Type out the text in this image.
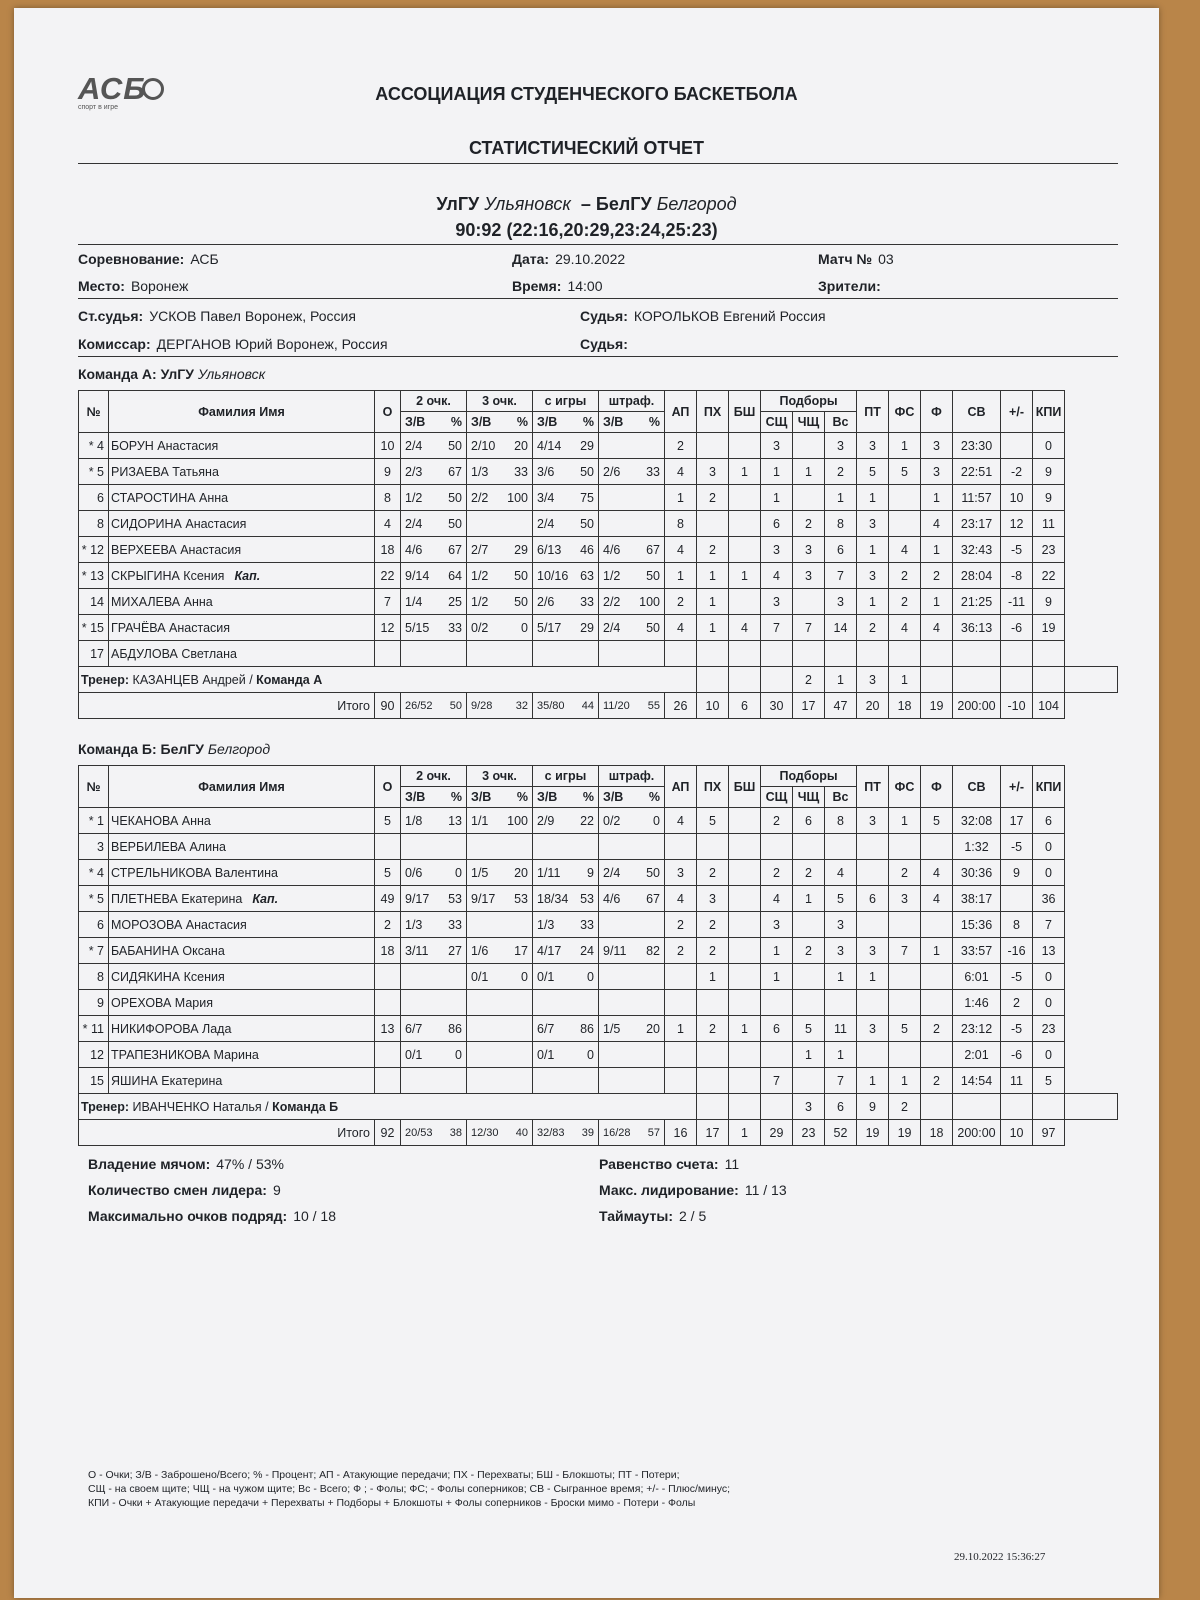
АСБ
спорт в игре
АССОЦИАЦИЯ СТУДЕНЧЕСКОГО БАСКЕТБОЛА
СТАТИСТИЧЕСКИЙ ОТЧЕТ
УлГУ Ульяновск – БелГУ Белгород
90:92 (22:16,20:29,23:24,25:23)
Соревнование: АСБ	Дата: 29.10.2022	Матч № 03
Место: Воронеж	Время: 14:00	Зрители:
Ст.судья: УСКОВ Павел Воронеж, Россия	Судья: КОРОЛЬКОВ Евгений Россия
Комиссар: ДЕРГАНОВ Юрий Воронеж, Россия	Судья:
Команда А: УлГУ Ульяновск
№	Фамилия Имя	О	2 очк.	3 очк.	с игры	штраф.	АП	ПХ	БШ	Подборы			ПТ	ФС	Ф	СВ	+/-	КПИ	

			З/В %	З/В %	З/В %	З/В %				СЩ	ЧЩ	Вс							
* 4	БОРУН Анастасия	10	2/4 50	2/10 20	4/14 29		2			3		3	3	1	3	23:30		0	
* 5	РИЗАЕВА Татьяна	9	2/3 67	1/3 33	3/6 50	2/6 33	4	3	1	1	1	2	5	5	3	22:51	-2	9	
6	СТАРОСТИНА Анна	8	1/2 50	2/2 100	3/4 75		1	2		1		1	1		1	11:57	10	9	
8	СИДОРИНА Анастасия	4	2/4 50		2/4 50		8			6	2	8	3		4	23:17	12	11	
* 12	ВЕРХЕЕВА Анастасия	18	4/6 67	2/7 29	6/13 46	4/6 67	4	2		3	3	6	1	4	1	32:43	-5	23	
* 13	СКРЫГИНА Ксения Кап.	22	9/14 64	1/2 50	10/16 63	1/2 50	1	1	1	4	3	7	3	2	2	28:04	-8	22	
14	МИХАЛЕВА Анна	7	1/4 25	1/2 50	2/6 33	2/2 100	2	1		3		3	1	2	1	21:25	-11	9	
* 15	ГРАЧЁВА Анастасия	12	5/15 33	0/2 0	5/17 29	2/4 50	4	1	4	7	7	14	2	4	4	36:13	-6	19	
17	АБДУЛОВА Светлана			

Тренер: КАЗАНЦЕВ Андрей / Команда А											2	1	3	1					
Итого		90	26/52 50	9/28 32	35/80 44	11/20 55	26	10	6	30	17	47	20	18	19	200:00	-10	104	
Команда Б: БелГУ Белгород
№	Фамилия Имя	О	2 очк.	3 очк.	с игры	штраф.	АП	ПХ	БШ	Подборы			ПТ	ФС	Ф	СВ	+/-	КПИ	

			З/В %	З/В %	З/В %	З/В %				СЩ	ЧЩ	Вс							
* 1	ЧЕКАНОВА Анна	5	1/8 13	1/1 100	2/9 22	0/2 0	4	5		2	6	8	3	1	5	32:08	17	6	
3	ВЕРБИЛЕВА Алина															1:32	-5	0	
* 4	СТРЕЛЬНИКОВА Валентина	5	0/6 0	1/5 20	1/11 9	2/4 50	3	2		2	2	4		2	4	30:36	9	0	
* 5	ПЛЕТНЕВА Екатерина Кап.	49	9/17 53	9/17 53	18/34 53	4/6 67	4	3		4	1	5	6	3	4	38:17		36	
6	МОРОЗОВА Анастасия	2	1/3 33		1/3 33		2	2		3		3				15:36	8	7	
* 7	БАБАНИНА Оксана	18	3/11 27	1/6 17	4/17 24	9/11 82	2	2		1	2	3	3	7	1	33:57	-16	13	
8	СИДЯКИНА Ксения			0/1 0	0/1 0			1		1		1	1			6:01	-5	0	
9	ОРЕХОВА Мария															1:46	2	0	
* 11	НИКИФОРОВА Лада	13	6/7 86		6/7 86	1/5 20	1	2	1	6	5	11	3	5	2	23:12	-5	23	
12	ТРАПЕЗНИКОВА Марина		0/1 0		0/1 0						1	1				2:01	-6	0	
15	ЯШИНА Екатерина									7		7	1	1	2	14:54	11	5	
Тренер: ИВАНЧЕНКО Наталья / Команда Б											3	6	9	2					
Итого		92	20/53 38	12/30 40	32/83 39	16/28 57	16	17	1	29	23	52	19	19	18	200:00	10	97	
Владение мячом: 47% / 53%
Количество смен лидера: 9
Максимально очков подряд: 10 / 18
Равенство счета: 11
Макс. лидирование: 11 / 13
Таймауты: 2 / 5
О - Очки; З/В - Заброшено/Всего; % - Процент; АП - Атакующие передачи; ПХ - Перехваты; БШ - Блокшоты; ПТ - Потери;
СЩ - на своем щите; ЧЩ - на чужом щите; Вс - Всего; Ф ; - Фолы; ФС; - Фолы соперников; СВ - Сыгранное время; +/- - Плюс/минус;
КПИ - Очки + Атакующие передачи + Перехваты + Подборы + Блокшоты + Фолы соперников - Броски мимо - Потери - Фолы
29.10.2022 15:36:27
